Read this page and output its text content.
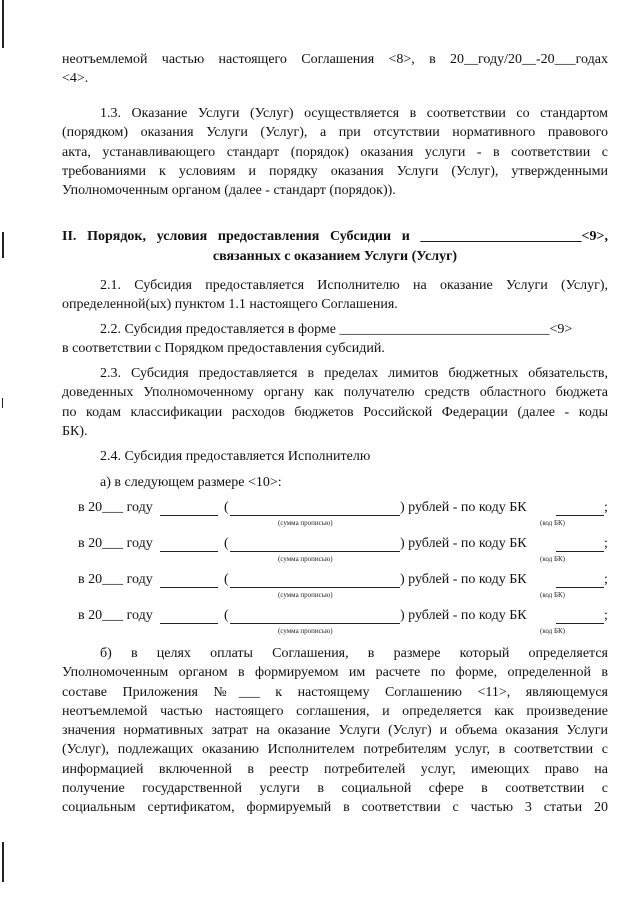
неотъемлемой частью настоящего Соглашения <8>, в 20__году/20__-20___годах
<4>.
1.3. Оказание Услуги (Услуг) осуществляется в соответствии со стандартом
(порядком) оказания Услуги (Услуг), а при отсутствии нормативного правового
акта, устанавливающего стандарт (порядок) оказания услуги - в соответствии с
требованиями к условиям и порядку оказания Услуги (Услуг), утвержденными
Уполномоченным органом (далее - стандарт (порядок)).
II. Порядок, условия предоставления Субсидии и _______________________<9>,
связанных с оказанием Услуги (Услуг)
2.1. Субсидия предоставляется Исполнителю на оказание Услуги (Услуг),
определенной(ых) пунктом 1.1 настоящего Соглашения.
2.2. Субсидия предоставляется в форме ______________________________<9>
в соответствии с Порядком предоставления субсидий.
2.3. Субсидия предоставляется в пределах лимитов бюджетных обязательств,
доведенных Уполномоченному органу как получателю средств областного бюджета
по кодам классификации расходов бюджетов Российской Федерации (далее - коды
БК).
2.4. Субсидия предоставляется Исполнителю
а) в следующем размере <10>:
в 20___ году	(	) рублей - по коду БК	;
(сумма прописью)	(код БК)
в 20___ году	(	) рублей - по коду БК	;
(сумма прописью)	(код БК)
в 20___ году	(	) рублей - по коду БК	;
(сумма прописью)	(код БК)
в 20___ году	(	) рублей - по коду БК	;
(сумма прописью)	(код БК)
б) в целях оплаты Соглашения, в размере который определяется
Уполномоченным органом в формируемом им расчете по форме, определенной в
составе Приложения №___ к настоящему Соглашению <11>, являющемуся
неотъемлемой частью настоящего соглашения, и определяется как произведение
значения нормативных затрат на оказание Услуги (Услуг) и объема оказания Услуги
(Услуг), подлежащих оказанию Исполнителем потребителям услуг, в соответствии с
информацией включенной в реестр потребителей услуг, имеющих право на
получение государственной услуги в социальной сфере в соответствии с
социальным сертификатом, формируемый в соответствии с частью 3 статьи 20
